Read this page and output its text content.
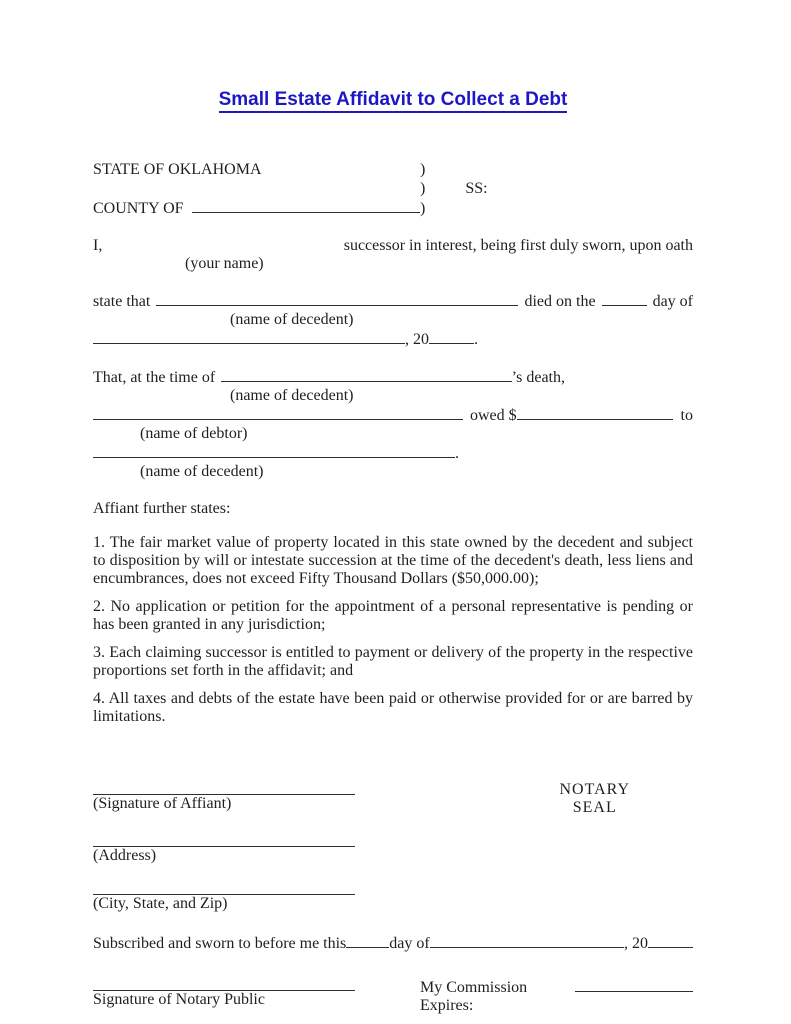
Small Estate Affidavit to Collect a Debt
STATE OF OKLAHOMA	)
)	SS:
COUNTY OF	)
I,	successor in interest, being first duly sworn, upon oath
(your name)
state that	died on the	day of
(name of decedent)
, 20	.
That, at the time of	’s death,
(name of decedent)
owed $	to
(name of debtor)
.
(name of decedent)
Affiant further states:
1. The fair market value of property located in this state owned by the decedent and subject to disposition by will or intestate succession at the time of the decedent's death, less liens and encumbrances, does not exceed Fifty Thousand Dollars ($50,000.00);
2. No application or petition for the appointment of a personal representative is pending or has been granted in any jurisdiction;
3. Each claiming successor is entitled to payment or delivery of the property in the respective proportions set forth in the affidavit; and
4. All taxes and debts of the estate have been paid or otherwise provided for or are barred by limitations.
(Signature of Affiant)
NOTARY
SEAL
(Address)
(City, State, and Zip)
Subscribed and sworn to before me this	day of	, 20
Signature of Notary Public
My Commission Expires:
